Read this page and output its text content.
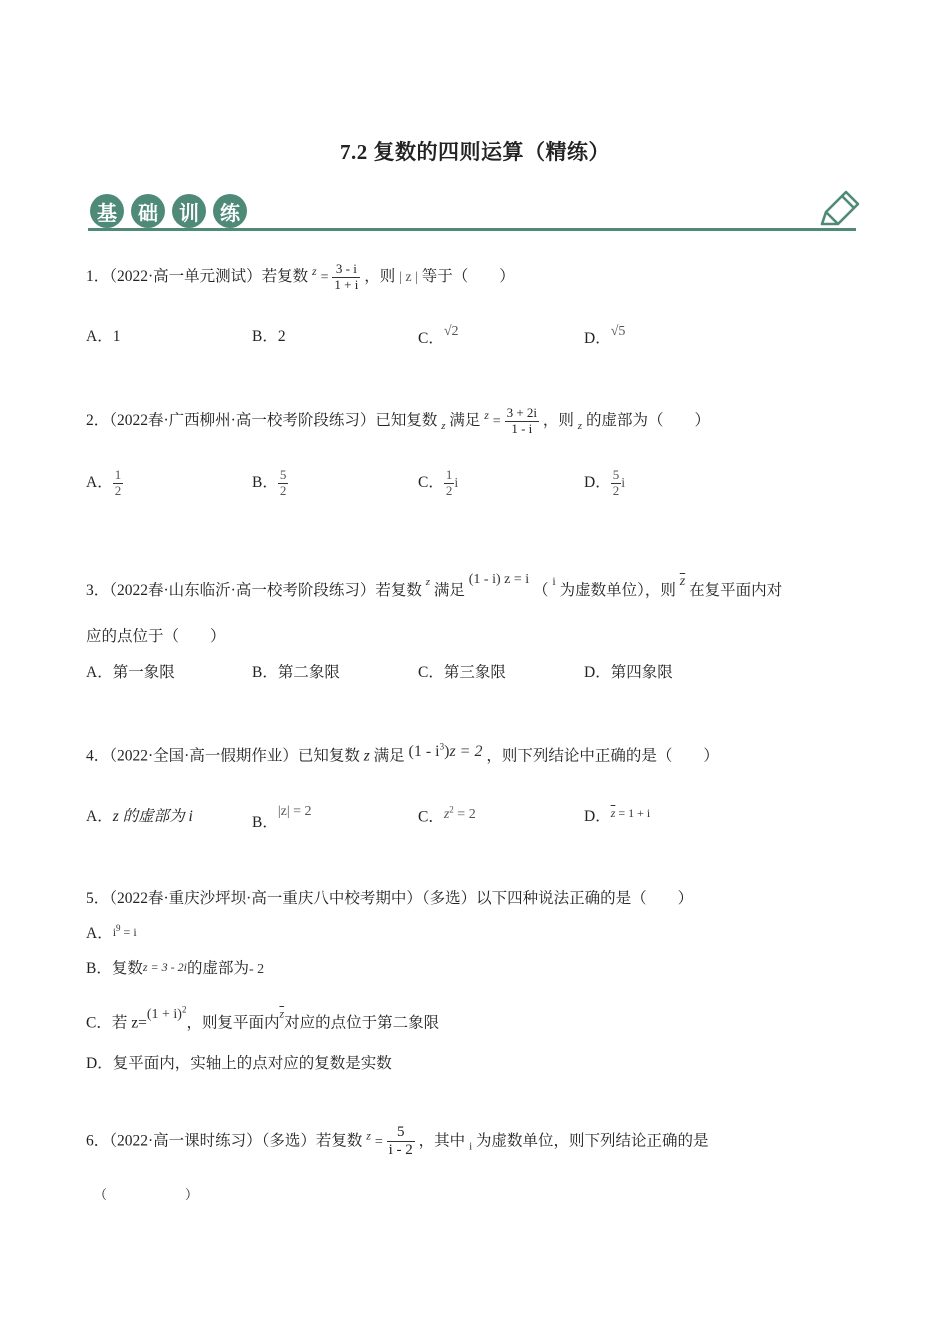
7.2 复数的四则运算（精练）
基	础	训	练
1．（2022·高一单元测试）若复数 $^z = \frac{3 - i}{1 + i}$ ，则 | z | 等于（　　）
A．1	B．2	C．√2	D．√5
2．（2022春·广西柳州·高一校考阶段练习）已知复数 $_z$ 满足 $^z = \frac{3 + 2i}{1 - i}$ ，则 $_z$ 的虚部为（　　）
A． $\frac{1}{2}$	B． $\frac{5}{2}$	C． $\frac{1}{2}$ i	D． $\frac{5}{2}$ i
3．（2022春·山东临沂·高一校考阶段练习）若复数 $^z$ 满足 (1 - i) z = i （ $^i$ 为虚数单位），则 $\overline{z}$ 在复平面内对
应的点位于（　　）
A．第一象限	B．第二象限	C．第三象限	D．第四象限
4．（2022·全国·高一假期作业）已知复数 z 满足 $(1 - i^3)z = 2$ ，则下列结论中正确的是（　　）
A．z 的虚部为 i	B．|z| = 2	C．$z^2 = 2$	D．$^{\overline{z} = 1 + i}$
5．（2022春·重庆沙坪坝·高一重庆八中校考期中）（多选）以下四种说法正确的是（　　）
A．$i^9 = i$
B．复数z = 3 - 2i的虚部为- 2
C．若 $z=(1 + i)^2$，则复平面内$^{\overline{z}}$对应的点位于第二象限
D．复平面内，实轴上的点对应的复数是实数
6．（2022·高一课时练习）（多选）若复数 $^z = \frac{5}{i - 2}$ ，其中 $_i$ 为虚数单位，则下列结论正确的是
（　　　　　　）
